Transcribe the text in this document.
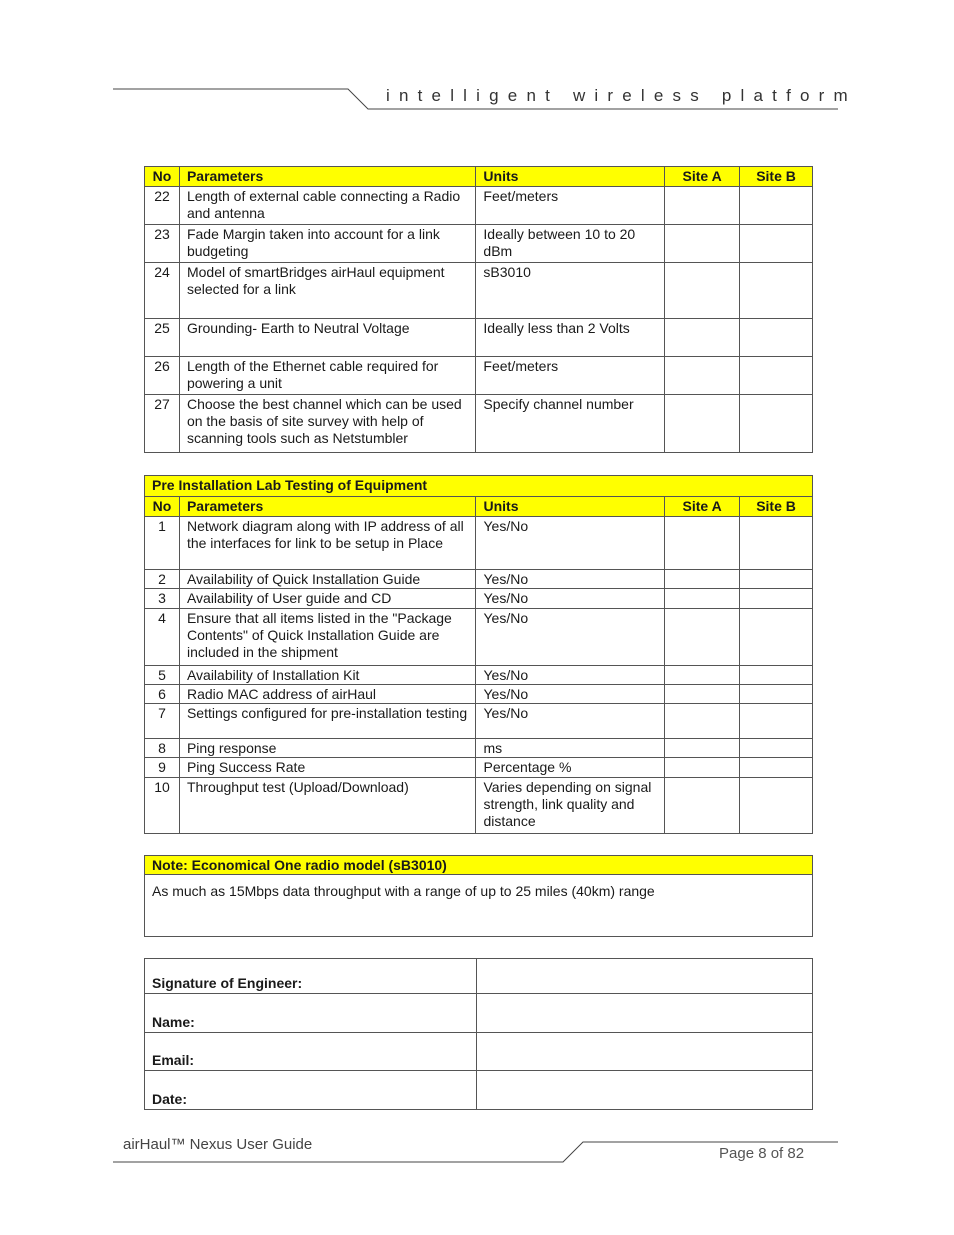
intelligent wireless platform
No	Parameters	Units	Site A	Site B
22	Length of external cable connecting a Radio and antenna	Feet/meters		
23	Fade Margin taken into account for a link budgeting	Ideally between 10 to 20 dBm		
24	Model of smartBridges airHaul equipment selected for a link	sB3010		
25	Grounding- Earth to Neutral Voltage	Ideally less than 2 Volts		
26	Length of the Ethernet cable required for powering a unit	Feet/meters		
27	Choose the best channel which can be used on the basis of site survey with help of scanning tools such as Netstumbler	Specify channel number		
Pre Installation Lab Testing of Equipment				
No	Parameters	Units	Site A	Site B
1	Network diagram along with IP address of all the interfaces for link to be setup in Place	Yes/No		
2	Availability of Quick Installation Guide	Yes/No		
3	Availability of User guide and CD	Yes/No		
4	Ensure that all items listed in the "Package Contents" of Quick Installation Guide are included in the shipment	Yes/No		
5	Availability of Installation Kit	Yes/No		
6	Radio MAC address of airHaul	Yes/No		
7	Settings configured for pre-installation testing	Yes/No		
8	Ping response	ms		
9	Ping Success Rate	Percentage %		
10	Throughput test (Upload/Download)	Varies depending on signal strength, link quality and distance		
Note: Economical One radio model (sB3010)
As much as 15Mbps data throughput with a range of up to 25 miles (40km) range
Signature of Engineer:	
Name:	
Email:	
Date:	
airHaul™ Nexus User Guide
Page 8 of 82
